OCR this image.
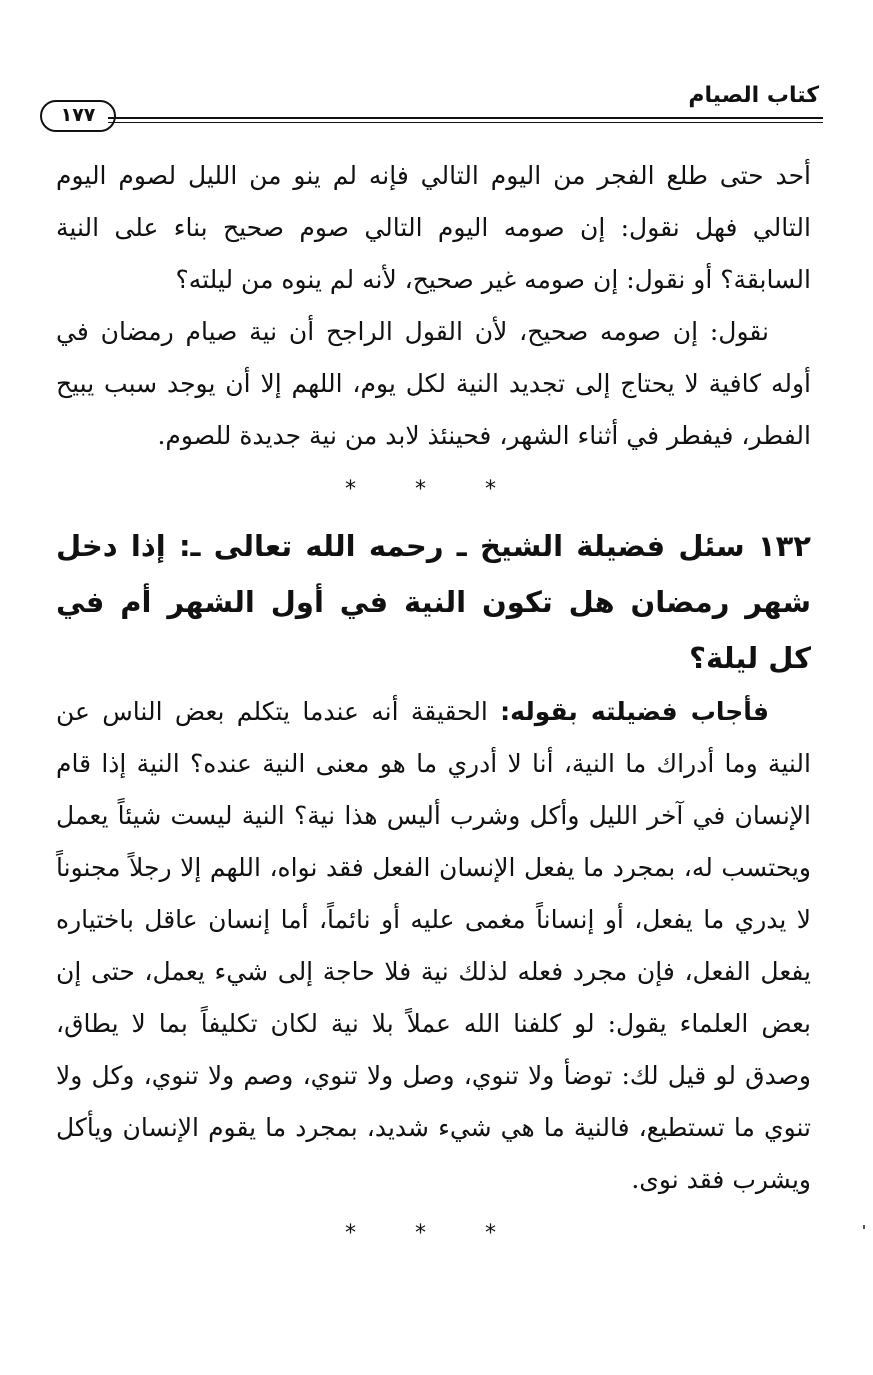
كتاب الصيام
١٧٧

أحد حتى طلع الفجر من اليوم التالي فإنه لم ينو من الليل لصوم اليوم التالي فهل نقول: إن صومه اليوم التالي صوم صحيح بناء على النية السابقة؟ أو نقول: إن صومه غير صحيح، لأنه لم ينوه من ليلته؟

نقول: إن صومه صحيح، لأن القول الراجح أن نية صيام رمضان في أوله كافية لا يحتاج إلى تجديد النية لكل يوم، اللهم إلا أن يوجد سبب يبيح الفطر، فيفطر في أثناء الشهر، فحينئذ لابد من نية جديدة للصوم.

* * *

١٣٢ سئل فضيلة الشيخ ـ رحمه الله تعالى ـ: إذا دخل شهر رمضان هل تكون النية في أول الشهر أم في كل ليلة؟

فأجاب فضيلته بقوله: الحقيقة أنه عندما يتكلم بعض الناس عن النية وما أدراك ما النية، أنا لا أدري ما هو معنى النية عنده؟ النية إذا قام الإنسان في آخر الليل وأكل وشرب أليس هذا نية؟ النية ليست شيئاً يعمل ويحتسب له، بمجرد ما يفعل الإنسان الفعل فقد نواه، اللهم إلا رجلاً مجنوناً لا يدري ما يفعل، أو إنساناً مغمى عليه أو نائماً، أما إنسان عاقل باختياره يفعل الفعل، فإن مجرد فعله لذلك نية فلا حاجة إلى شيء يعمل، حتى إن بعض العلماء يقول: لو كلفنا الله عملاً بلا نية لكان تكليفاً بما لا يطاق، وصدق لو قيل لك: توضأ ولا تنوي، وصل ولا تنوي، وصم ولا تنوي، وكل ولا تنوي ما تستطيع، فالنية ما هي شيء شديد، بمجرد ما يقوم الإنسان ويأكل ويشرب فقد نوى.

* * *
